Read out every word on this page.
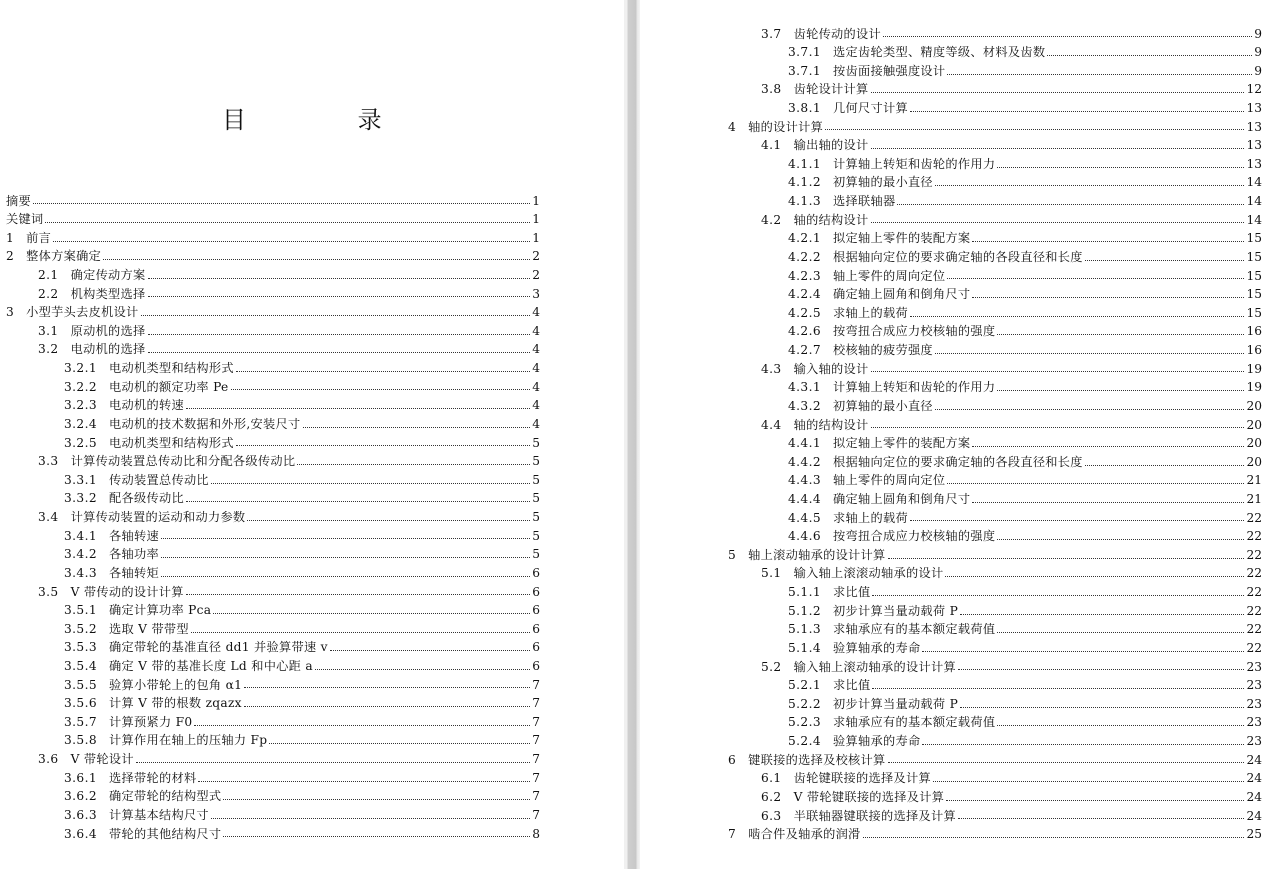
目 录
摘要	1
关键词	1
1 前言	1
2 整体方案确定	2
2.1 确定传动方案	2
2.2 机构类型选择	3
3 小型芋头去皮机设计	4
3.1 原动机的选择	4
3.2 电动机的选择	4
3.2.1 电动机类型和结构形式	4
3.2.2 电动机的额定功率 Pe	4
3.2.3 电动机的转速	4
3.2.4 电动机的技术数据和外形,安装尺寸	4
3.2.5 电动机类型和结构形式	5
3.3 计算传动装置总传动比和分配各级传动比	5
3.3.1 传动装置总传动比	5
3.3.2 配各级传动比	5
3.4 计算传动装置的运动和动力参数	5
3.4.1 各轴转速	5
3.4.2 各轴功率	5
3.4.3 各轴转矩	6
3.5 V 带传动的设计计算	6
3.5.1 确定计算功率 Pca	6
3.5.2 选取 V 带带型	6
3.5.3 确定带轮的基准直径 dd1 并验算带速 v	6
3.5.4 确定 V 带的基准长度 Ld 和中心距 a	6
3.5.5 验算小带轮上的包角 α1	7
3.5.6 计算 V 带的根数 zqazx	7
3.5.7 计算预紧力 F0	7
3.5.8 计算作用在轴上的压轴力 Fp	7
3.6 V 带轮设计	7
3.6.1 选择带轮的材料	7
3.6.2 确定带轮的结构型式	7
3.6.3 计算基本结构尺寸	7
3.6.4 带轮的其他结构尺寸	8
3.7 齿轮传动的设计	9
3.7.1 选定齿轮类型、精度等级、材料及齿数	9
3.7.1 按齿面接触强度设计	9
3.8 齿轮设计计算	12
3.8.1 几何尺寸计算	13
4 轴的设计计算	13
4.1 输出轴的设计	13
4.1.1 计算轴上转矩和齿轮的作用力	13
4.1.2 初算轴的最小直径	14
4.1.3 选择联轴器	14
4.2 轴的结构设计	14
4.2.1 拟定轴上零件的装配方案	15
4.2.2 根据轴向定位的要求确定轴的各段直径和长度	15
4.2.3 轴上零件的周向定位	15
4.2.4 确定轴上圆角和倒角尺寸	15
4.2.5 求轴上的载荷	15
4.2.6 按弯扭合成应力校核轴的强度	16
4.2.7 校核轴的疲劳强度	16
4.3 输入轴的设计	19
4.3.1 计算轴上转矩和齿轮的作用力	19
4.3.2 初算轴的最小直径	20
4.4 轴的结构设计	20
4.4.1 拟定轴上零件的装配方案	20
4.4.2 根据轴向定位的要求确定轴的各段直径和长度	20
4.4.3 轴上零件的周向定位	21
4.4.4 确定轴上圆角和倒角尺寸	21
4.4.5 求轴上的载荷	22
4.4.6 按弯扭合成应力校核轴的强度	22
5 轴上滚动轴承的设计计算	22
5.1 输入轴上滚滚动轴承的设计	22
5.1.1 求比值	22
5.1.2 初步计算当量动载荷 P	22
5.1.3 求轴承应有的基本额定载荷值	22
5.1.4 验算轴承的寿命	22
5.2 输入轴上滚动轴承的设计计算	23
5.2.1 求比值	23
5.2.2 初步计算当量动载荷 P	23
5.2.3 求轴承应有的基本额定载荷值	23
5.2.4 验算轴承的寿命	23
6 键联接的选择及校核计算	24
6.1 齿轮键联接的选择及计算	24
6.2 V 带轮键联接的选择及计算	24
6.3 半联轴器键联接的选择及计算	24
7 啮合件及轴承的润滑	25
